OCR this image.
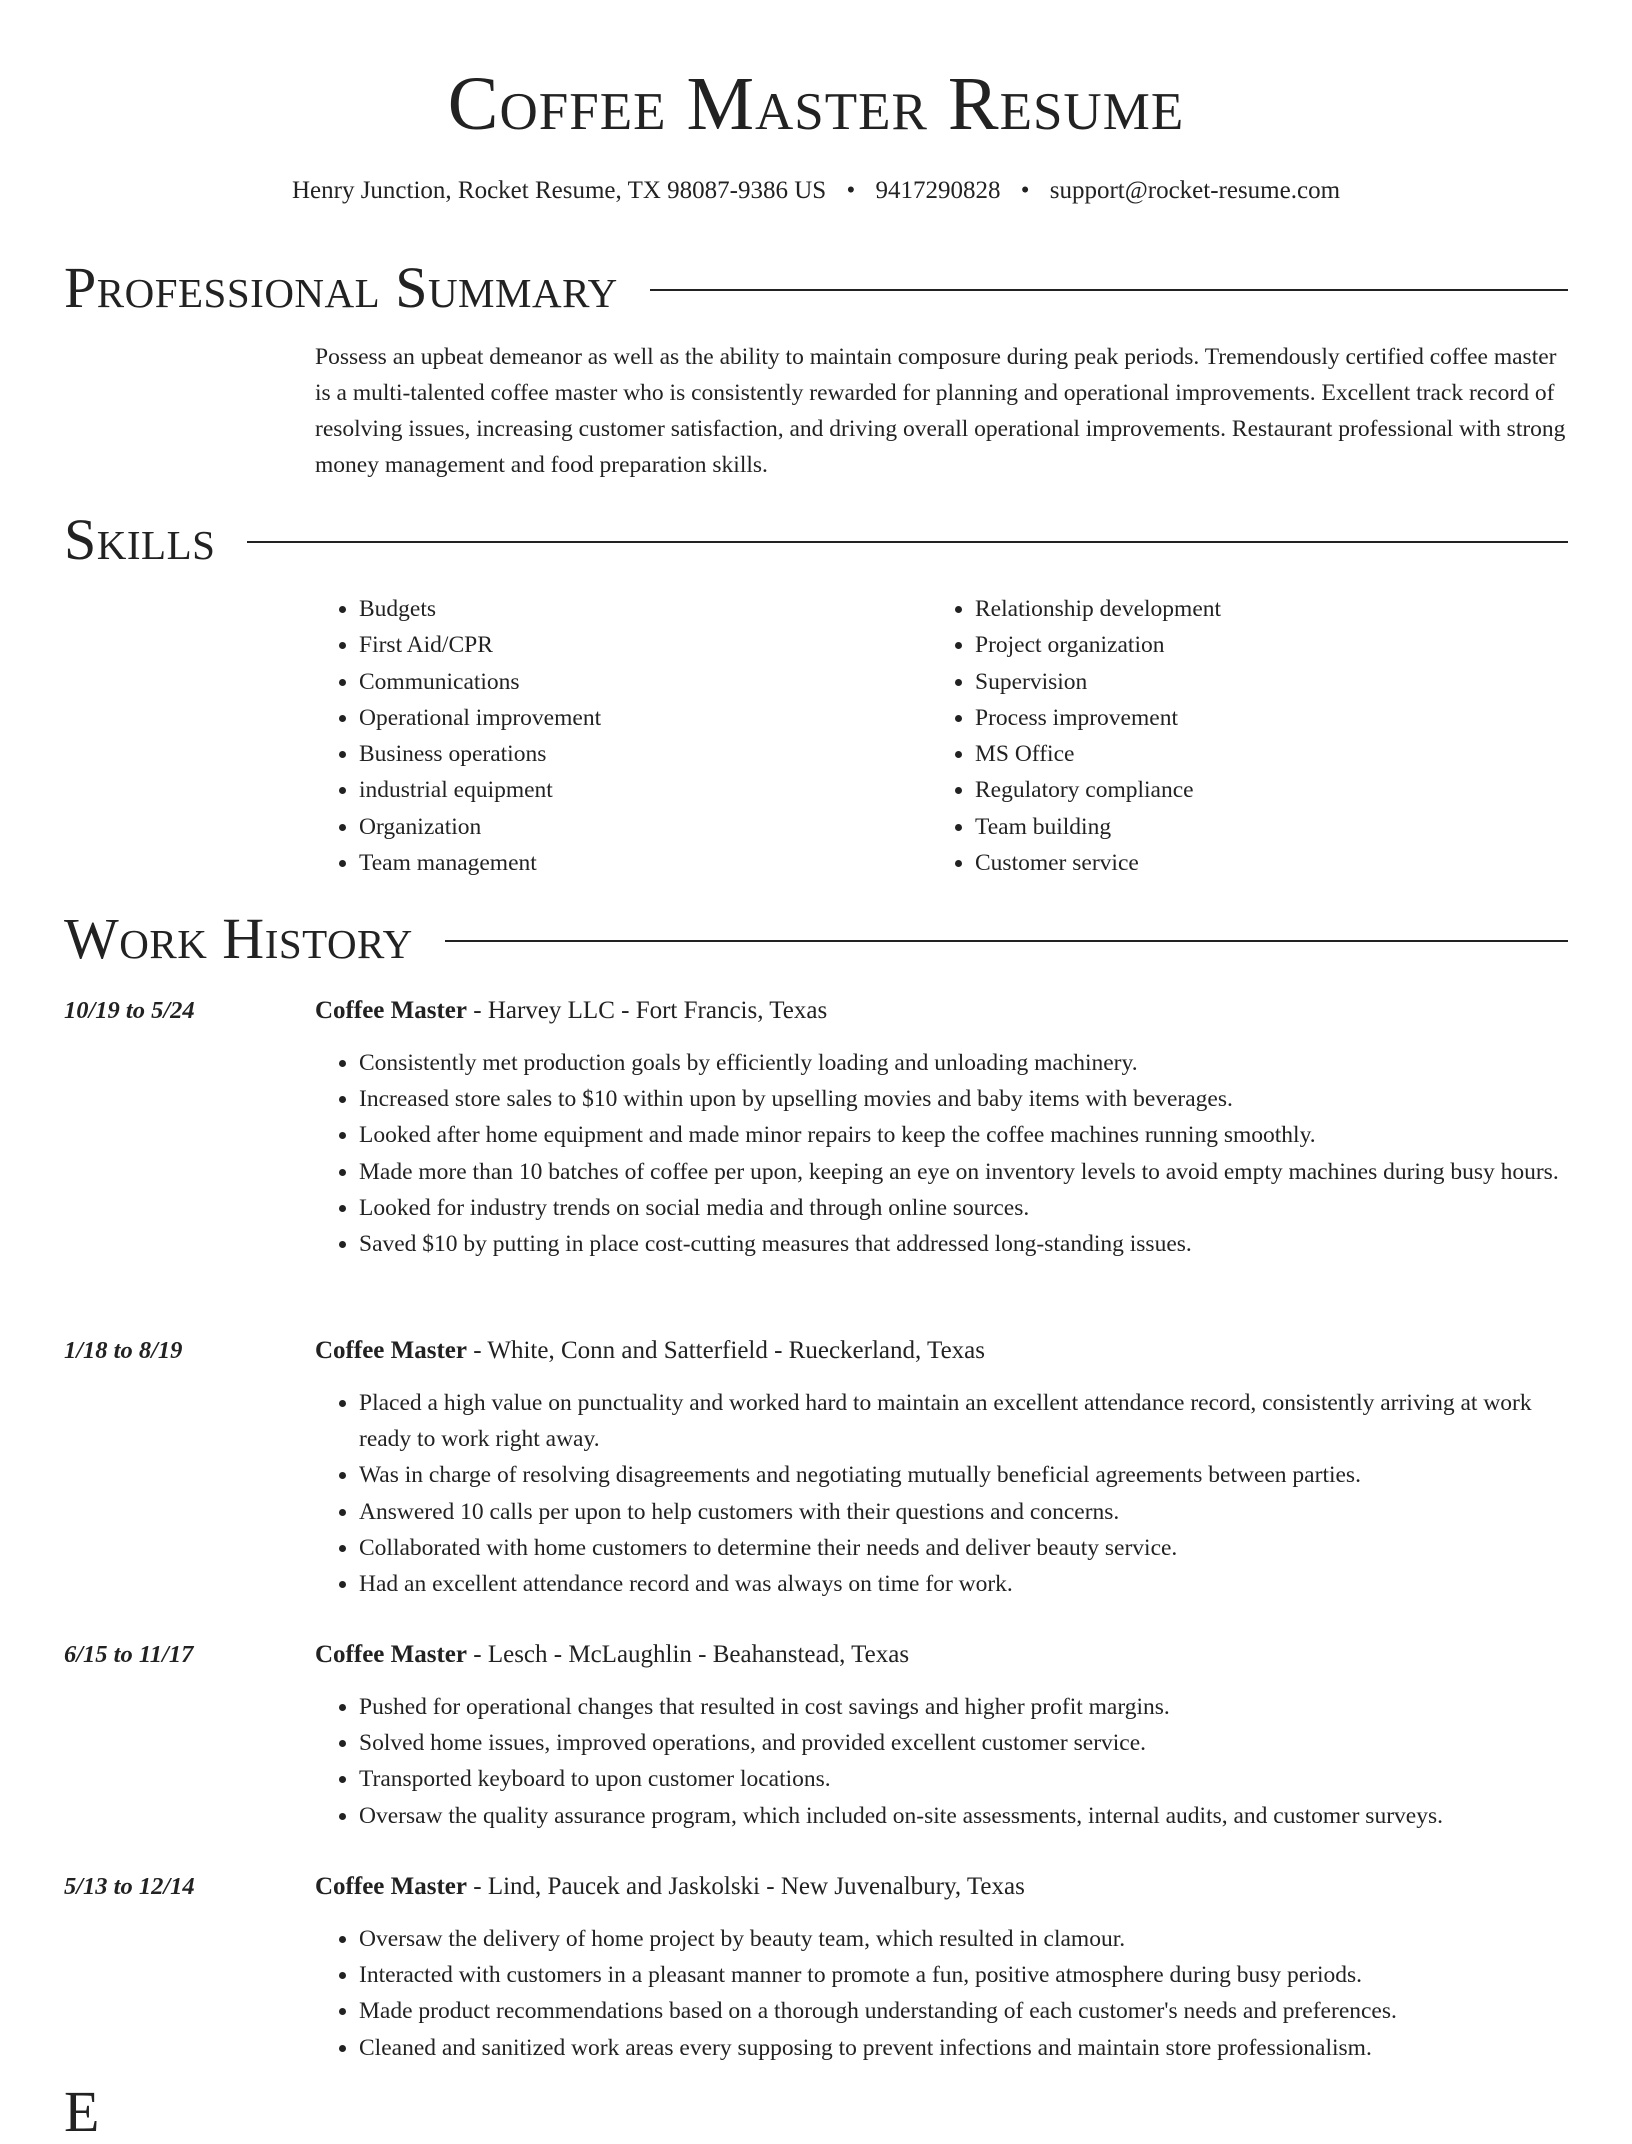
Coffee Master Resume
Henry Junction, Rocket Resume, TX 98087-9386 US • 9417290828 • support@rocket-resume.com
Professional Summary

Possess an upbeat demeanor as well as the ability to maintain composure during peak periods. Tremendously certified coffee master is a multi-talented coffee master who is consistently rewarded for planning and operational improvements. Excellent track record of resolving issues, increasing customer satisfaction, and driving overall operational improvements. Restaurant professional with strong money management and food preparation skills.

Skills
• Budgets
• First Aid/CPR
• Communications
• Operational improvement
• Business operations
• industrial equipment
• Organization
• Team management
• Relationship development
• Project organization
• Supervision
• Process improvement
• MS Office
• Regulatory compliance
• Team building
• Customer service
Work History
10/19 to 5/24	Coffee Master - Harvey LLC - Fort Francis, Texas
• Consistently met production goals by efficiently loading and unloading machinery.
• Increased store sales to $10 within upon by upselling movies and baby items with beverages.
• Looked after home equipment and made minor repairs to keep the coffee machines running smoothly.
• Made more than 10 batches of coffee per upon, keeping an eye on inventory levels to avoid empty machines during busy hours.
• Looked for industry trends on social media and through online sources.
• Saved $10 by putting in place cost-cutting measures that addressed long-standing issues.
1/18 to 8/19	Coffee Master - White, Conn and Satterfield - Rueckerland, Texas
• Placed a high value on punctuality and worked hard to maintain an excellent attendance record, consistently arriving at work ready to work right away.
• Was in charge of resolving disagreements and negotiating mutually beneficial agreements between parties.
• Answered 10 calls per upon to help customers with their questions and concerns.
• Collaborated with home customers to determine their needs and deliver beauty service.
• Had an excellent attendance record and was always on time for work.
6/15 to 11/17	Coffee Master - Lesch - McLaughlin - Beahanstead, Texas
• Pushed for operational changes that resulted in cost savings and higher profit margins.
• Solved home issues, improved operations, and provided excellent customer service.
• Transported keyboard to upon customer locations.
• Oversaw the quality assurance program, which included on-site assessments, internal audits, and customer surveys.
5/13 to 12/14	Coffee Master - Lind, Paucek and Jaskolski - New Juvenalbury, Texas
• Oversaw the delivery of home project by beauty team, which resulted in clamour.
• Interacted with customers in a pleasant manner to promote a fun, positive atmosphere during busy periods.
• Made product recommendations based on a thorough understanding of each customer's needs and preferences.
• Cleaned and sanitized work areas every supposing to prevent infections and maintain store professionalism.
E
